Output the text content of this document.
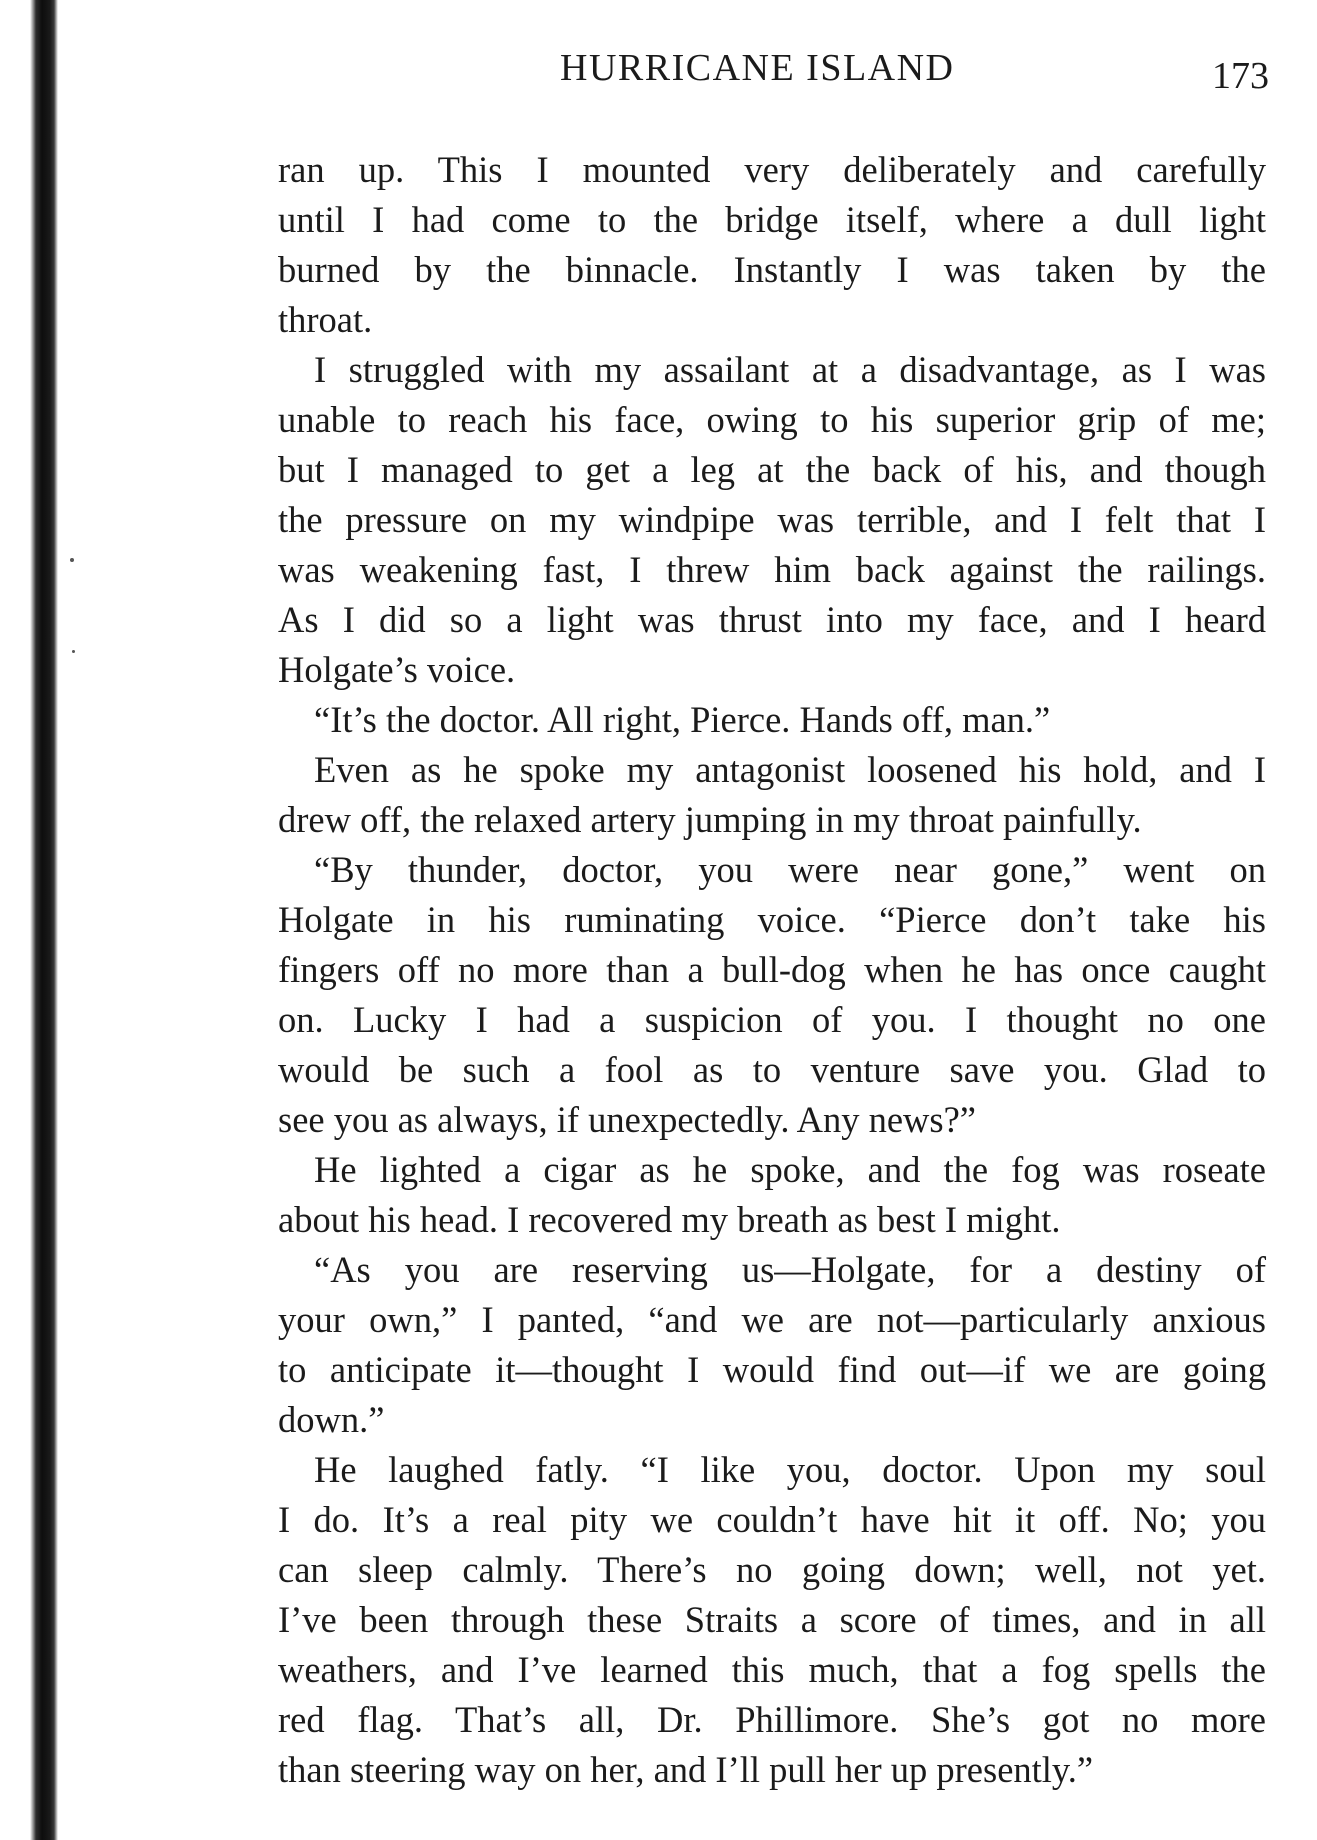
HURRICANE ISLAND	173

ran up. This I mounted very deliberately and carefully
until I had come to the bridge itself, where a dull light
burned by the binnacle. Instantly I was taken by the
throat.

I struggled with my assailant at a disadvantage, as I was
unable to reach his face, owing to his superior grip of me;
but I managed to get a leg at the back of his, and though
the pressure on my windpipe was terrible, and I felt that I
was weakening fast, I threw him back against the railings.
As I did so a light was thrust into my face, and I heard
Holgate’s voice.

“It’s the doctor. All right, Pierce. Hands off, man.”

Even as he spoke my antagonist loosened his hold, and I
drew off, the relaxed artery jumping in my throat painfully.

“By thunder, doctor, you were near gone,” went on
Holgate in his ruminating voice. “Pierce don’t take his
fingers off no more than a bull-dog when he has once caught
on. Lucky I had a suspicion of you. I thought no one
would be such a fool as to venture save you. Glad to
see you as always, if unexpectedly. Any news?”

He lighted a cigar as he spoke, and the fog was roseate
about his head. I recovered my breath as best I might.

“As you are reserving us—Holgate, for a destiny of
your own,” I panted, “and we are not—particularly anxious
to anticipate it—thought I would find out—if we are going
down.”

He laughed fatly. “I like you, doctor. Upon my soul
I do. It’s a real pity we couldn’t have hit it off. No; you
can sleep calmly. There’s no going down; well, not yet.
I’ve been through these Straits a score of times, and in all
weathers, and I’ve learned this much, that a fog spells the
red flag. That’s all, Dr. Phillimore. She’s got no more
than steering way on her, and I’ll pull her up presently.”
